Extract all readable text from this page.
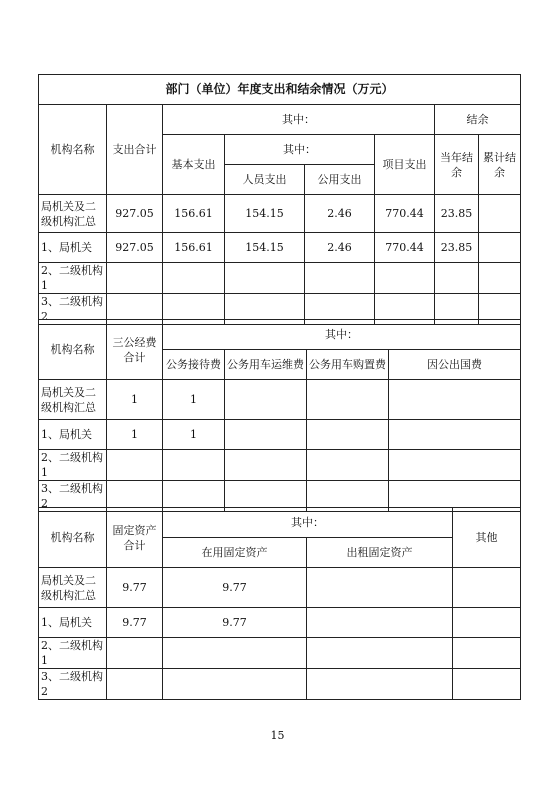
部门（单位）年度支出和结余情况（万元）							
机构名称	支出合计	其中：				结余	
		基本支出	其中：		项目支出	当年结余	累计结余
			人员支出	公用支出			
局机关及二级机构汇总	927.05	156.61	154.15	2.46	770.44	23.85	
1、局机关	927.05	156.61	154.15	2.46	770.44	23.85	
2、二级机构1							
3、二级机构2							
机构名称	三公经费合计	其中：			
		公务接待费	公务用车运维费	公务用车购置费	因公出国费
局机关及二级机构汇总	1	1			
1、局机关	1	1			
2、二级机构1					
3、二级机构2					
机构名称	固定资产合计	其中：		其他
		在用固定资产	出租固定资产	
局机关及二级机构汇总	9.77	9.77		
1、局机关	9.77	9.77		
2、二级机构1				
3、二级机构2				
15
